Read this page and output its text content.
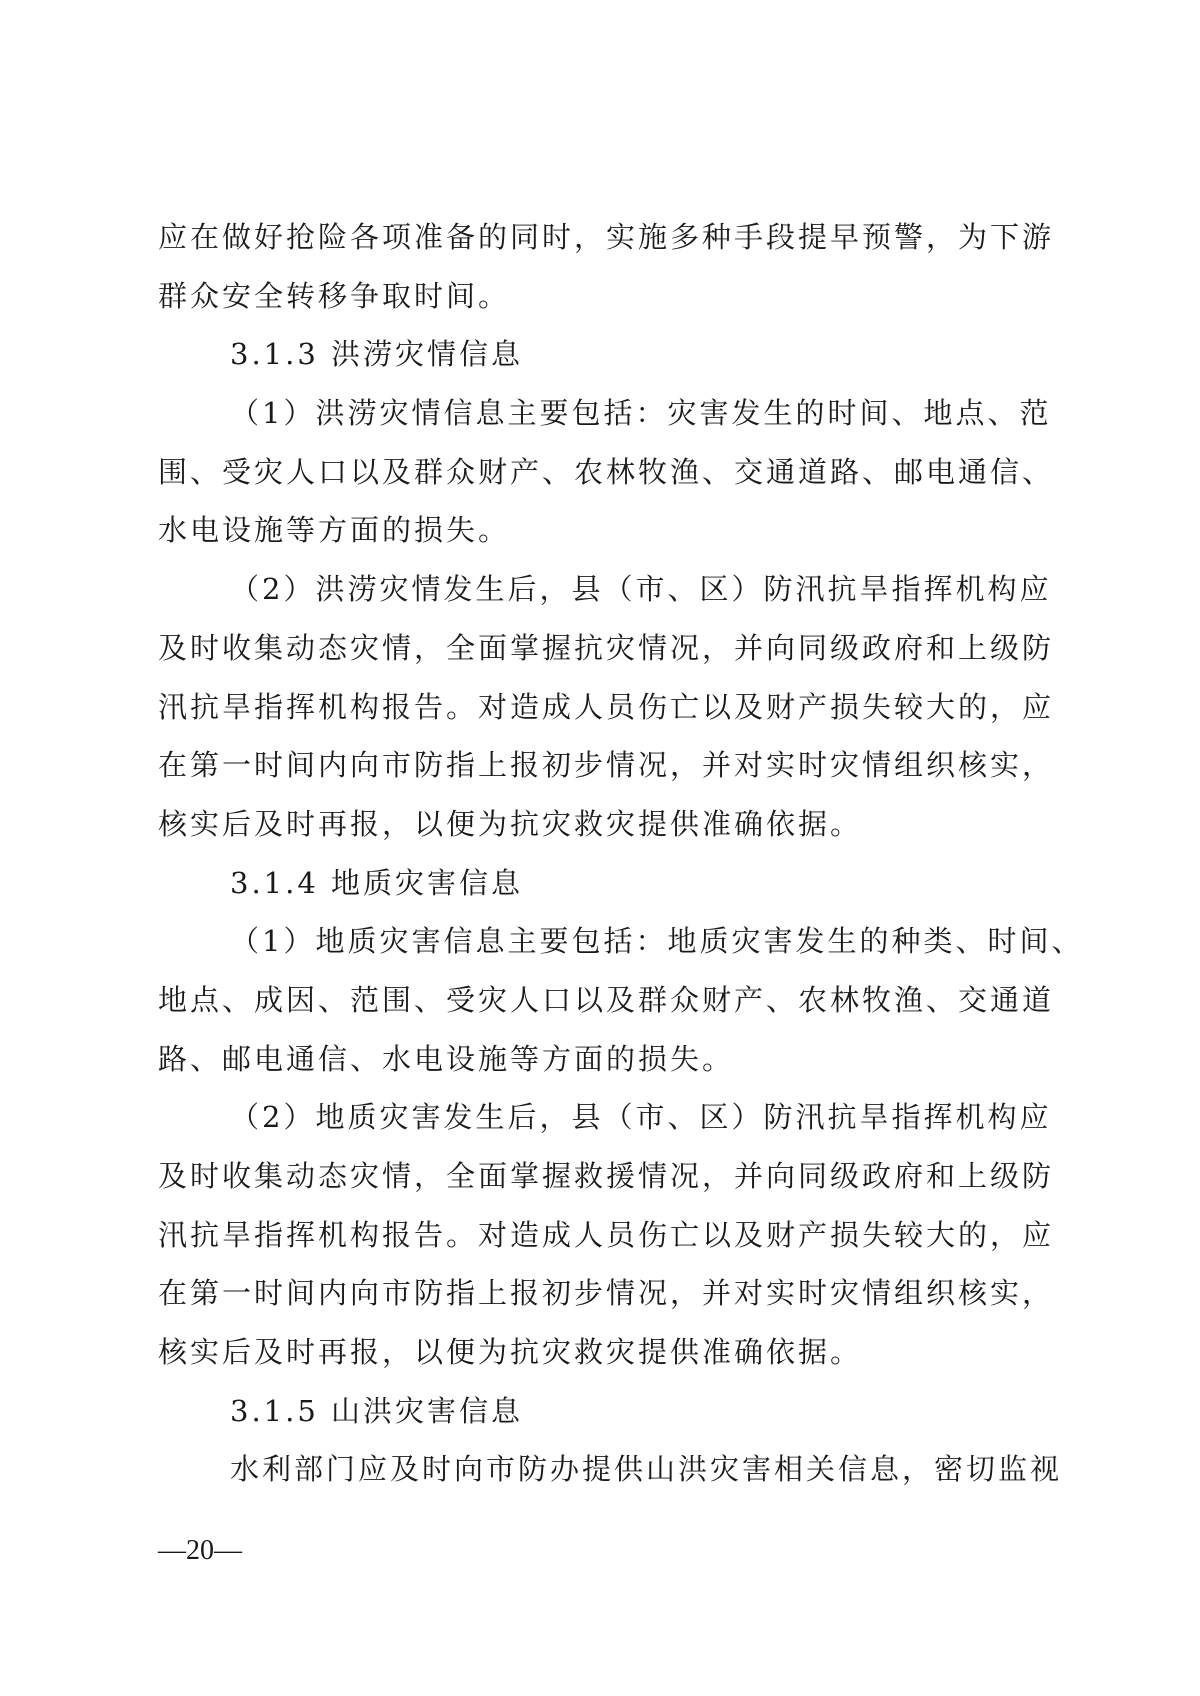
应在做好抢险各项准备的同时，实施多种手段提早预警，为下游
群众安全转移争取时间。
3.1.3 洪涝灾情信息
（1）洪涝灾情信息主要包括：灾害发生的时间、地点、范
围、受灾人口以及群众财产、农林牧渔、交通道路、邮电通信、
水电设施等方面的损失。
（2）洪涝灾情发生后，县（市、区）防汛抗旱指挥机构应
及时收集动态灾情，全面掌握抗灾情况，并向同级政府和上级防
汛抗旱指挥机构报告。对造成人员伤亡以及财产损失较大的，应
在第一时间内向市防指上报初步情况，并对实时灾情组织核实，
核实后及时再报，以便为抗灾救灾提供准确依据。
3.1.4 地质灾害信息
（1）地质灾害信息主要包括：地质灾害发生的种类、时间、
地点、成因、范围、受灾人口以及群众财产、农林牧渔、交通道
路、邮电通信、水电设施等方面的损失。
（2）地质灾害发生后，县（市、区）防汛抗旱指挥机构应
及时收集动态灾情，全面掌握救援情况，并向同级政府和上级防
汛抗旱指挥机构报告。对造成人员伤亡以及财产损失较大的，应
在第一时间内向市防指上报初步情况，并对实时灾情组织核实，
核实后及时再报，以便为抗灾救灾提供准确依据。
3.1.5 山洪灾害信息
水利部门应及时向市防办提供山洪灾害相关信息，密切监视
—20—
